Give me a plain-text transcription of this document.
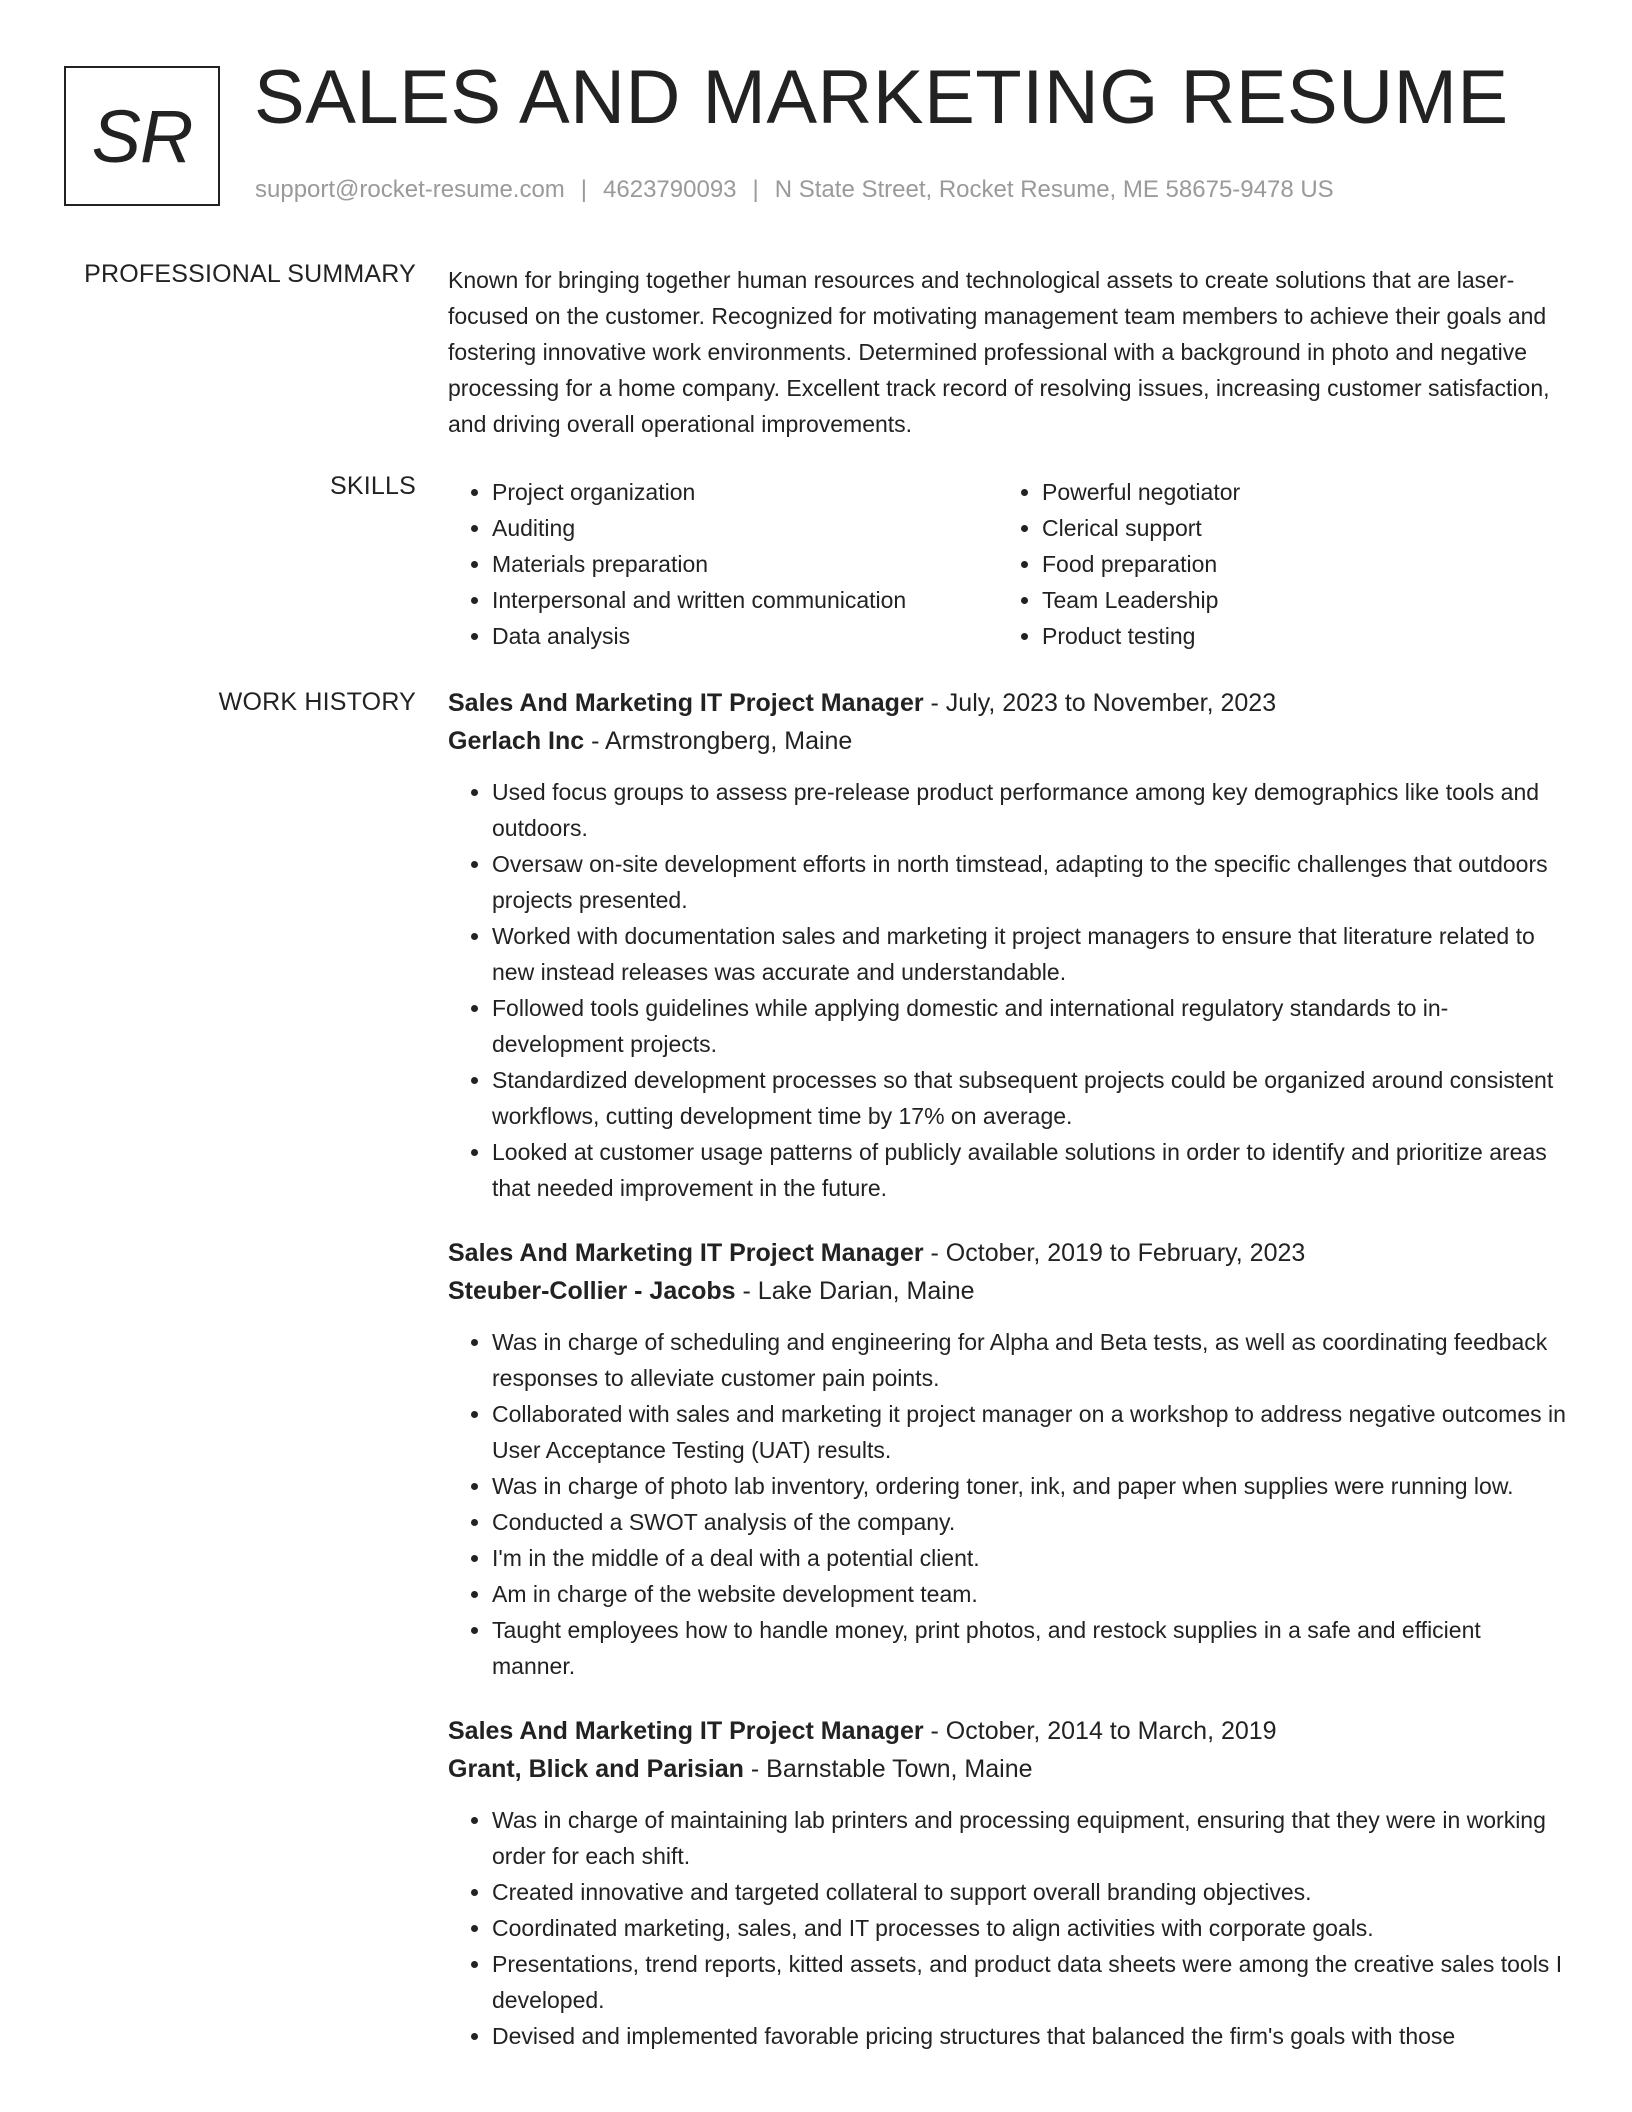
SR SALES AND MARKETING RESUME
support@rocket-resume.com | 4623790093 | N State Street, Rocket Resume, ME 58675-9478 US
PROFESSIONAL SUMMARY Known for bringing together human resources and technological assets to create solutions that are laser-focused on the customer. Recognized for motivating management team members to achieve their goals and fostering innovative work environments. Determined professional with a background in photo and negative processing for a home company. Excellent track record of resolving issues, increasing customer satisfaction, and driving overall operational improvements.

SKILLS
•	Project organization
• Auditing
• Materials preparation
• Interpersonal and written communication
• Data analysis
• Powerful negotiator
• Clerical support
• Food preparation
• Team Leadership
• Product testing
WORK HISTORY Sales And Marketing IT Project Manager - July, 2023 to November, 2023
Gerlach Inc - Armstrongberg, Maine
• Used focus groups to assess pre-release product performance among key demographics like tools and outdoors.
• Oversaw on-site development efforts in north timstead, adapting to the specific challenges that outdoors projects presented.
• Worked with documentation sales and marketing it project managers to ensure that literature related to new instead releases was accurate and understandable.
• Followed tools guidelines while applying domestic and international regulatory standards to in-development projects.
• Standardized development processes so that subsequent projects could be organized around consistent workflows, cutting development time by 17% on average.
• Looked at customer usage patterns of publicly available solutions in order to identify and prioritize areas that needed improvement in the future.
Sales And Marketing IT Project Manager - October, 2019 to February, 2023
Steuber-Collier - Jacobs - Lake Darian, Maine
• Was in charge of scheduling and engineering for Alpha and Beta tests, as well as coordinating feedback responses to alleviate customer pain points.
• Collaborated with sales and marketing it project manager on a workshop to address negative outcomes in User Acceptance Testing (UAT) results.
• Was in charge of photo lab inventory, ordering toner, ink, and paper when supplies were running low.
• Conducted a SWOT analysis of the company.
• I'm in the middle of a deal with a potential client.
• Am in charge of the website development team.
• Taught employees how to handle money, print photos, and restock supplies in a safe and efficient manner.
Sales And Marketing IT Project Manager - October, 2014 to March, 2019
Grant, Blick and Parisian - Barnstable Town, Maine
• Was in charge of maintaining lab printers and processing equipment, ensuring that they were in working order for each shift.
• Created innovative and targeted collateral to support overall branding objectives.
• Coordinated marketing, sales, and IT processes to align activities with corporate goals.
• Presentations, trend reports, kitted assets, and product data sheets were among the creative sales tools I developed.
• Devised and implemented favorable pricing structures that balanced the firm's goals with those
